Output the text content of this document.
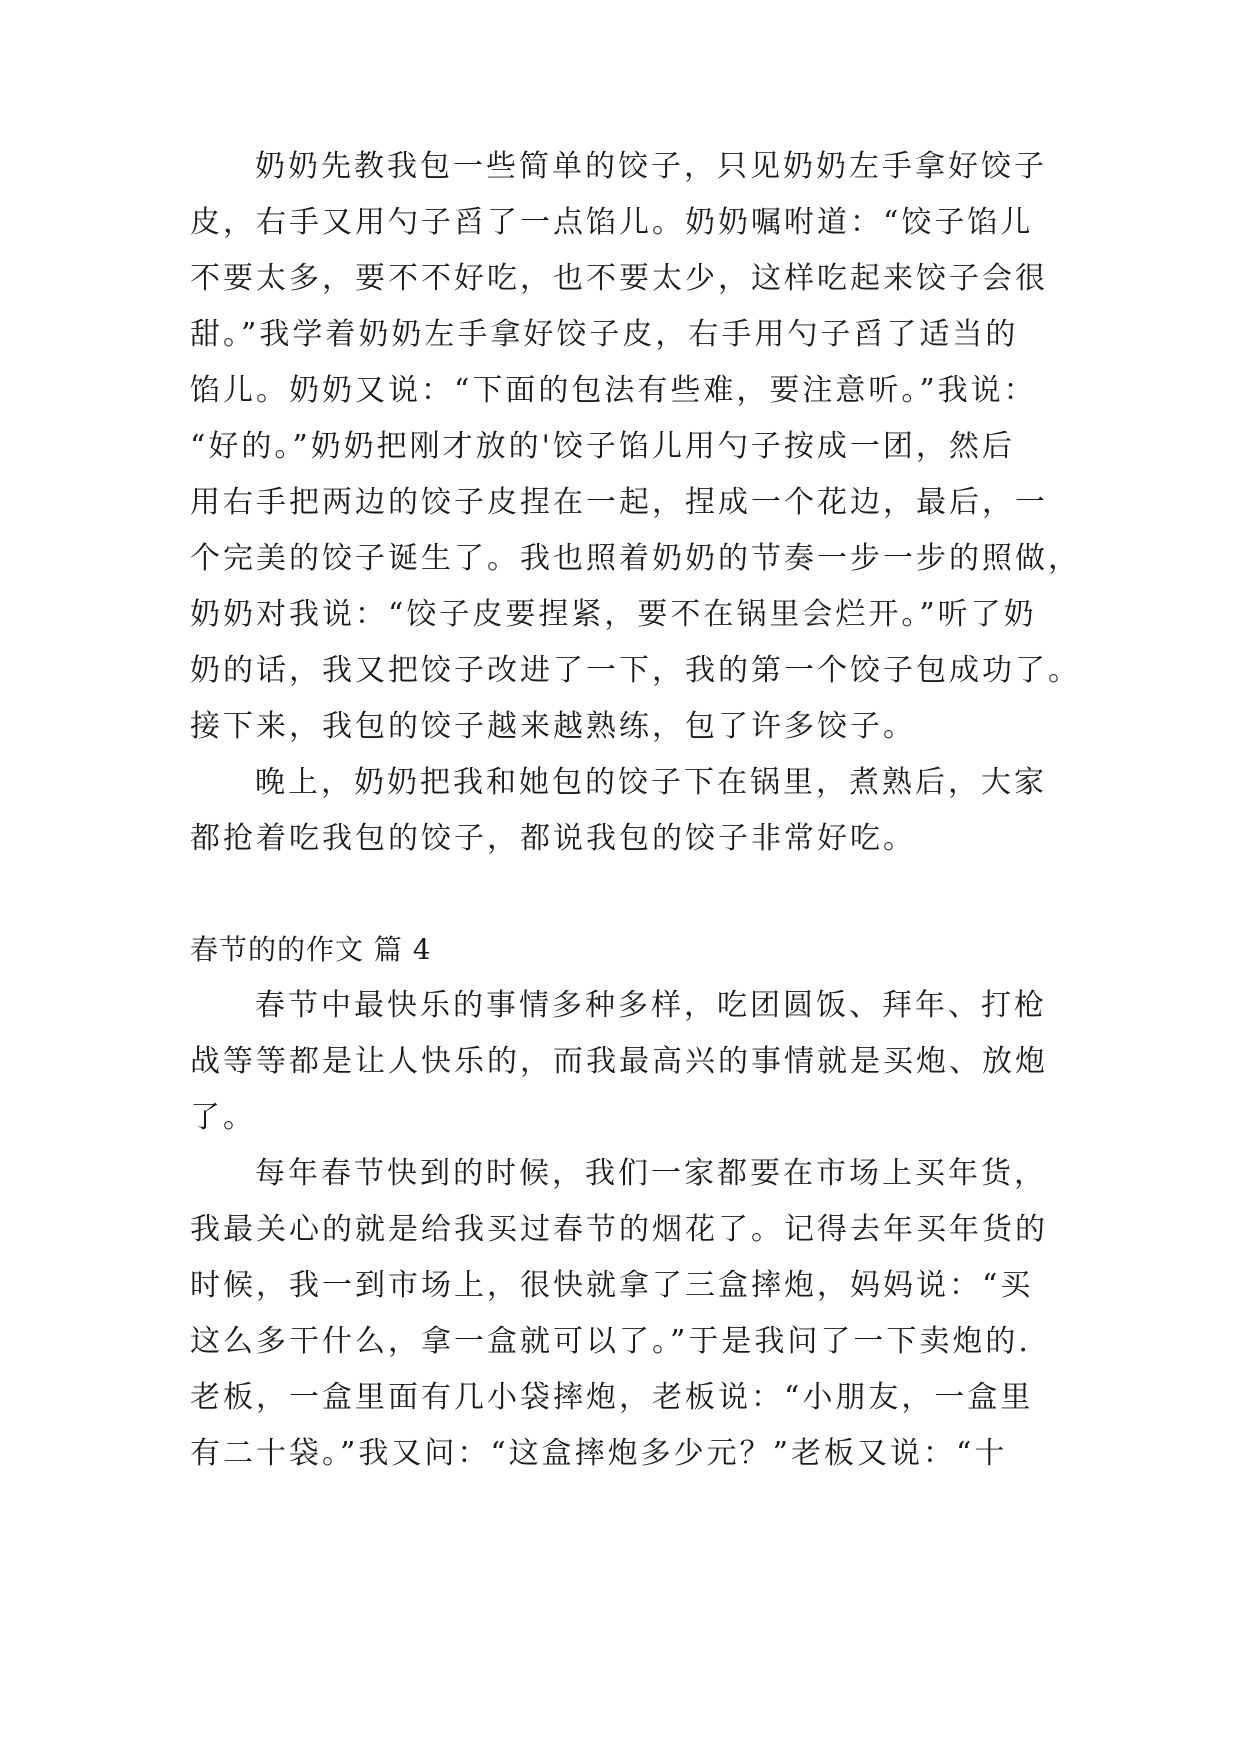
奶奶先教我包一些简单的饺子，只见奶奶左手拿好饺子
皮，右手又用勺子舀了一点馅儿。奶奶嘱咐道：“饺子馅儿
不要太多，要不不好吃，也不要太少，这样吃起来饺子会很
甜。”我学着奶奶左手拿好饺子皮，右手用勺子舀了适当的
馅儿。奶奶又说：“下面的包法有些难，要注意听。”我说：
“好的。”奶奶把刚才放的'饺子馅儿用勺子按成一团，然后
用右手把两边的饺子皮捏在一起，捏成一个花边，最后，一
个完美的饺子诞生了。我也照着奶奶的节奏一步一步的照做，
奶奶对我说：“饺子皮要捏紧，要不在锅里会烂开。”听了奶
奶的话，我又把饺子改进了一下，我的第一个饺子包成功了。
接下来，我包的饺子越来越熟练，包了许多饺子。
晚上，奶奶把我和她包的饺子下在锅里，煮熟后，大家
都抢着吃我包的饺子，都说我包的饺子非常好吃。
春节的的作文 篇 4
春节中最快乐的事情多种多样，吃团圆饭、拜年、打枪
战等等都是让人快乐的，而我最高兴的事情就是买炮、放炮
了。
每年春节快到的时候，我们一家都要在市场上买年货，
我最关心的就是给我买过春节的烟花了。记得去年买年货的
时候，我一到市场上，很快就拿了三盒摔炮，妈妈说：“买
这么多干什么，拿一盒就可以了。”于是我问了一下卖炮的.
老板，一盒里面有几小袋摔炮，老板说：“小朋友，一盒里
有二十袋。”我又问：“这盒摔炮多少元？”老板又说：“十
